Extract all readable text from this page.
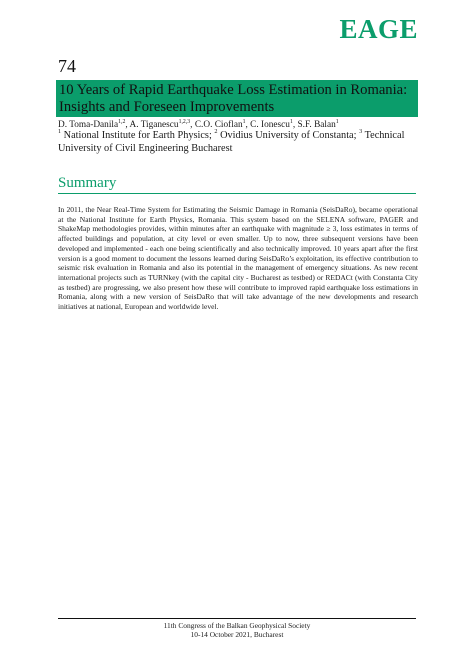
EAGE
74
10 Years of Rapid Earthquake Loss Estimation in Romania:
Insights and Foreseen Improvements
D. Toma-Danila$^{1,2}$, A. Tiganescu$^{1,2,3}$, C.O. Cioflan$^1$, C. Ionescu$^1$, S.F. Balan$^1$
$^1$ National Institute for Earth Physics; $^2$ Ovidius University of Constanta; $^3$ Technical University of Civil Engineering Bucharest
Summary

In 2011, the Near Real-Time System for Estimating the Seismic Damage in Romania (SeisDaRo), became operational at the National Institute for Earth Physics, Romania. This system based on the SELENA software, PAGER and ShakeMap methodologies provides, within minutes after an earthquake with magnitude ≥ 3, loss estimates in terms of affected buildings and population, at city level or even smaller. Up to now, three subsequent versions have been developed and implemented - each one being scientifically and also technically improved. 10 years apart after the first version is a good moment to document the lessons learned during SeisDaRo’s exploitation, its effective contribution to seismic risk evaluation in Romania and also its potential in the management of emergency situations. As new recent international projects such as TURNkey (with the capital city - Bucharest as testbed) or REDACt (with Constanta City as testbed) are progressing, we also present how these will contribute to improved rapid earthquake loss estimations in Romania, along with a new version of SeisDaRo that will take advantage of the new developments and research initiatives at national, European and worldwide level.

11th Congress of the Balkan Geophysical Society
10-14 October 2021, Bucharest
